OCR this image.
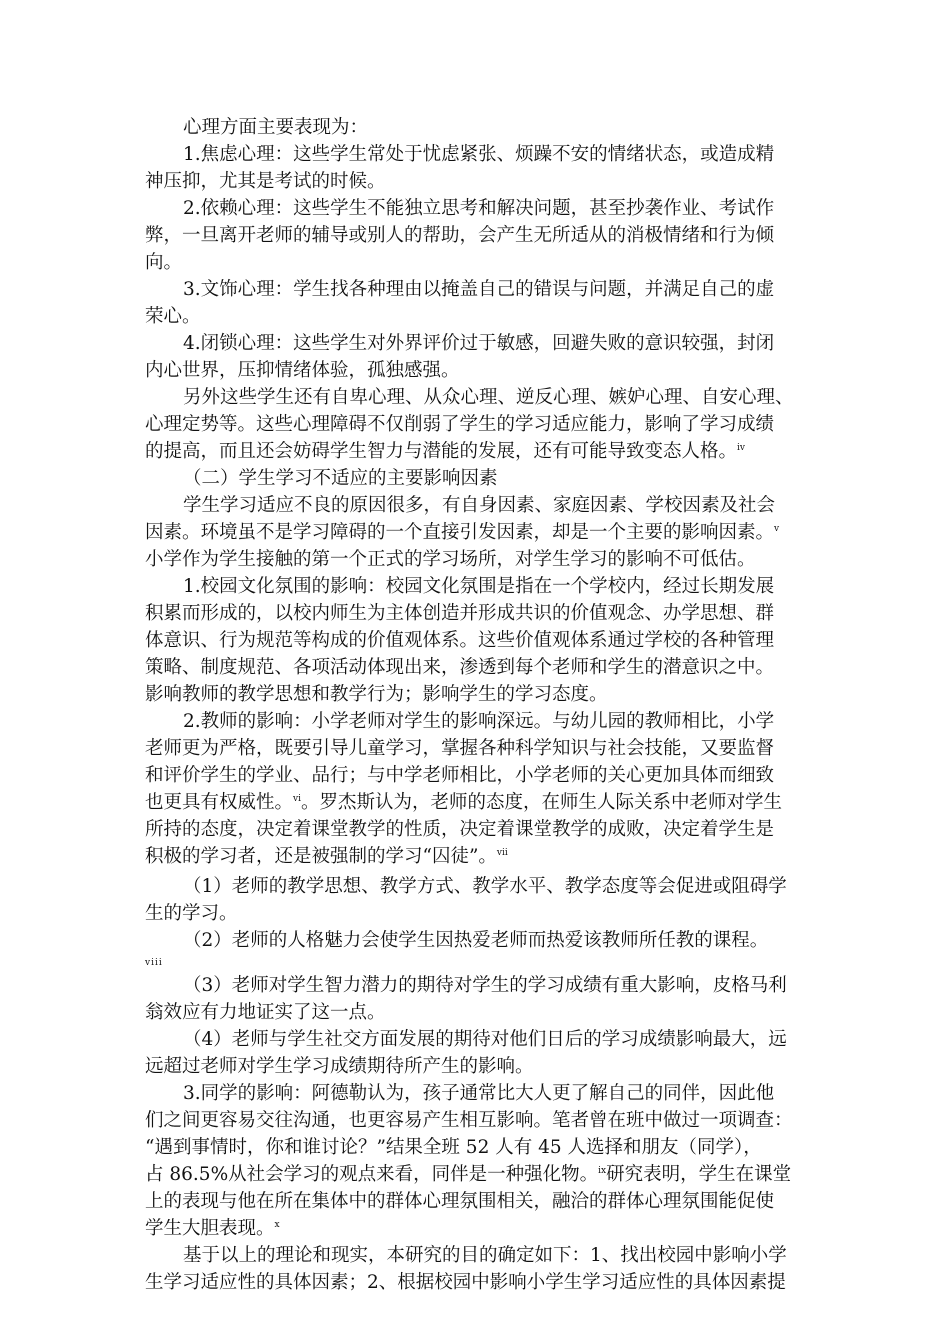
心理方面主要表现为：
1.焦虑心理：这些学生常处于忧虑紧张、烦躁不安的情绪状态，或造成精
神压抑，尤其是考试的时候。
2.依赖心理：这些学生不能独立思考和解决问题，甚至抄袭作业、考试作
弊，一旦离开老师的辅导或别人的帮助，会产生无所适从的消极情绪和行为倾
向。
3.文饰心理：学生找各种理由以掩盖自己的错误与问题，并满足自己的虚
荣心。
4.闭锁心理：这些学生对外界评价过于敏感，回避失败的意识较强，封闭
内心世界，压抑情绪体验，孤独感强。
另外这些学生还有自卑心理、从众心理、逆反心理、嫉妒心理、自安心理、
心理定势等。这些心理障碍不仅削弱了学生的学习适应能力，影响了学习成绩
的提高，而且还会妨碍学生智力与潜能的发展，还有可能导致变态人格。$^{iv}$
（二）学生学习不适应的主要影响因素
学生学习适应不良的原因很多，有自身因素、家庭因素、学校因素及社会
因素。环境虽不是学习障碍的一个直接引发因素，却是一个主要的影响因素。$^v$
小学作为学生接触的第一个正式的学习场所，对学生学习的影响不可低估。
1.校园文化氛围的影响：校园文化氛围是指在一个学校内，经过长期发展
积累而形成的，以校内师生为主体创造并形成共识的价值观念、办学思想、群
体意识、行为规范等构成的价值观体系。这些价值观体系通过学校的各种管理
策略、制度规范、各项活动体现出来，渗透到每个老师和学生的潜意识之中。
影响教师的教学思想和教学行为；影响学生的学习态度。
2.教师的影响：小学老师对学生的影响深远。与幼儿园的教师相比，小学
老师更为严格，既要引导儿童学习，掌握各种科学知识与社会技能，又要监督
和评价学生的学业、品行；与中学老师相比，小学老师的关心更加具体而细致
也更具有权威性。$^{vi}$。罗杰斯认为，老师的态度，在师生人际关系中老师对学生
所持的态度，决定着课堂教学的性质，决定着课堂教学的成败，决定着学生是
积极的学习者，还是被强制的学习“囚徒”。$^{vii}$
（1）老师的教学思想、教学方式、教学水平、教学态度等会促进或阻碍学
生的学习。
（2）老师的人格魅力会使学生因热爱老师而热爱该教师所任教的课程。
viii
（3）老师对学生智力潜力的期待对学生的学习成绩有重大影响，皮格马利
翁效应有力地证实了这一点。
（4）老师与学生社交方面发展的期待对他们日后的学习成绩影响最大，远
远超过老师对学生学习成绩期待所产生的影响。
3.同学的影响：阿德勒认为，孩子通常比大人更了解自己的同伴，因此他
们之间更容易交往沟通，也更容易产生相互影响。笔者曾在班中做过一项调查：
“遇到事情时，你和谁讨论？”结果全班 52 人有 45 人选择和朋友（同学），
占 86.5%从社会学习的观点来看，同伴是一种强化物。$^{ix}$研究表明，学生在课堂
上的表现与他在所在集体中的群体心理氛围相关，融洽的群体心理氛围能促使
学生大胆表现。$^x$
基于以上的理论和现实，本研究的目的确定如下：1、找出校园中影响小学
生学习适应性的具体因素；2、根据校园中影响小学生学习适应性的具体因素提
